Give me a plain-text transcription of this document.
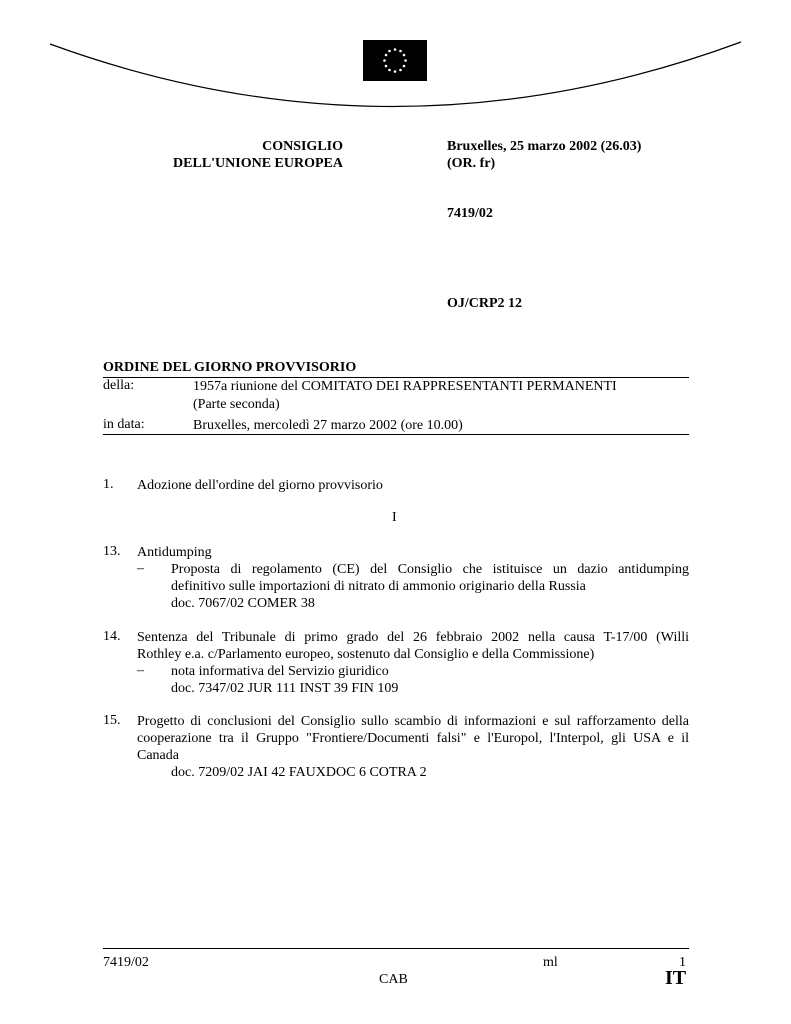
CONSIGLIO
DELL'UNIONE EUROPEA
Bruxelles, 25 marzo 2002 (26.03)
(OR. fr)
7419/02
OJ/CRP2 12
ORDINE DEL GIORNO PROVVISORIO
della:	1957a riunione del COMITATO DEI RAPPRESENTANTI PERMANENTI
(Parte seconda)
in data:	Bruxelles, mercoledì 27 marzo 2002 (ore 10.00)
1. Adozione dell'ordine del giorno provvisorio
I
13. Antidumping
– Proposta di regolamento (CE) del Consiglio che istituisce un dazio antidumping
definitivo sulle importazioni di nitrato di ammonio originario della Russia
doc. 7067/02 COMER 38
14. Sentenza del Tribunale di primo grado del 26 febbraio 2002 nella causa T-17/00 (Willi
Rothley e.a. c/Parlamento europeo, sostenuto dal Consiglio e della Commissione)
– nota informativa del Servizio giuridico
doc. 7347/02 JUR 111 INST 39 FIN 109
15. Progetto di conclusioni del Consiglio sullo scambio di informazioni e sul rafforzamento della
cooperazione tra il Gruppo "Frontiere/Documenti falsi" e l'Europol, l'Interpol, gli USA e il
Canada
doc. 7209/02 JAI 42 FAUXDOC 6 COTRA 2
7419/02	ml	1
CAB	IT
